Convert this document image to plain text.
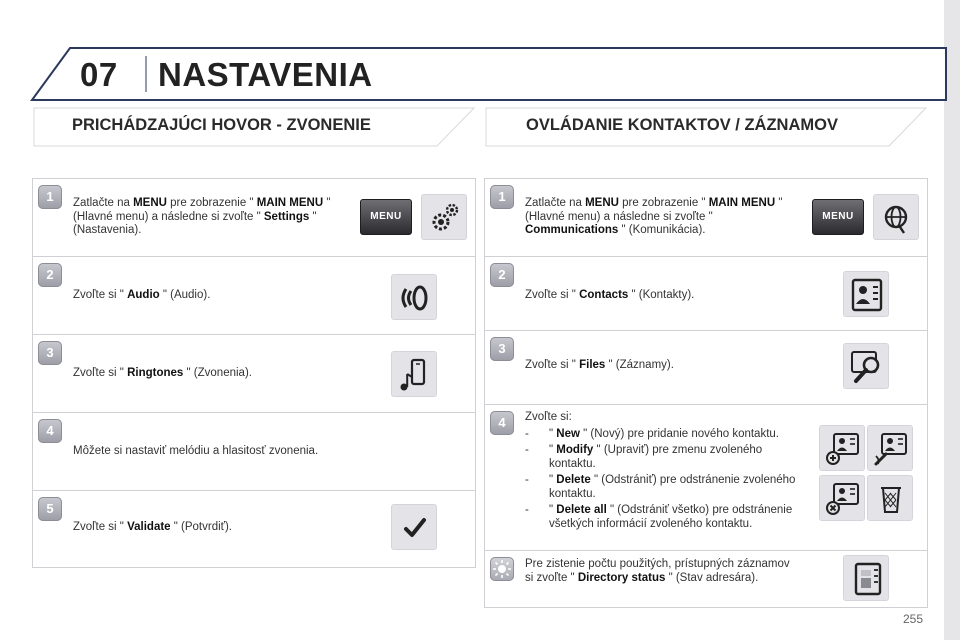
07 NASTAVENIA
PRICHÁDZAJÚCI HOVOR - ZVONENIE	OVLÁDANIE KONTAKTOV / ZÁZNAMOV
1	Zatlačte na MENU pre zobrazenie " MAIN MENU " (Hlavné menu) a následne si zvoľte " Settings " (Nastavenia).
MENU
2
Zvoľte si " Audio " (Audio).
3
Zvoľte si " Ringtones " (Zvonenia).
4
Môžete si nastaviť melódiu a hlasitosť zvonenia.
5
Zvoľte si " Validate " (Potvrdiť).
1	Zatlačte na MENU pre zobrazenie " MAIN MENU " (Hlavné menu) a následne si zvoľte " Communications " (Komunikácia).
MENU
2
Zvoľte si " Contacts " (Kontakty).
3
Zvoľte si " Files " (Záznamy).
4	Zvoľte si:
- " New " (Nový) pre pridanie nového kontaktu.
- " Modify " (Upraviť) pre zmenu zvoleného kontaktu.
- " Delete " (Odstrániť) pre odstránenie zvoleného kontaktu.
- " Delete all " (Odstrániť všetko) pre odstránenie všetkých informácií zvoleného kontaktu.
Pre zistenie počtu použitých, prístupných záznamov si zvoľte " Directory status " (Stav adresára).
255
